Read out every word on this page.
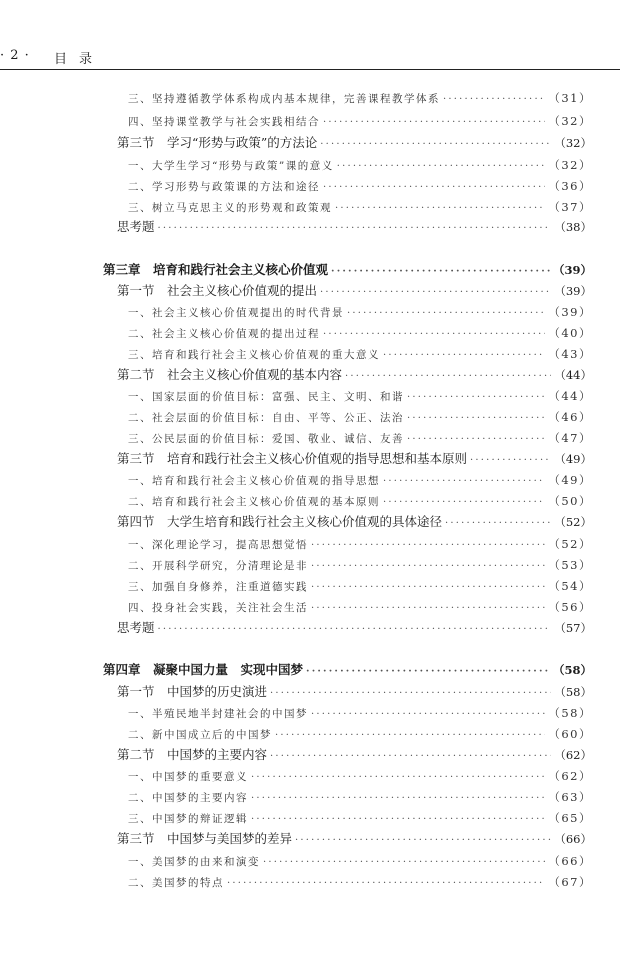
· 2 · 目录
三、坚持遵循教学体系构成内基本规律，完善课程教学体系 ·····	（31）
四、坚持课堂教学与社会实践相结合 ·····	（32）
第三节　学习“形势与政策”的方法论 ·····	（32）
一、大学生学习“形势与政策”课的意义 ·····	（32）
二、学习形势与政策课的方法和途径 ·····	（36）
三、树立马克思主义的形势观和政策观 ·····	（37）
思考题 ·····	（38）
第三章　培育和践行社会主义核心价值观 ·····	（39）
第一节　社会主义核心价值观的提出 ·····	（39）
一、社会主义核心价值观提出的时代背景 ·····	（39）
二、社会主义核心价值观的提出过程 ·····	（40）
三、培育和践行社会主义核心价值观的重大意义 ·····	（43）
第二节　社会主义核心价值观的基本内容 ·····	（44）
一、国家层面的价值目标：富强、民主、文明、和谐 ·····	（44）
二、社会层面的价值目标：自由、平等、公正、法治 ·····	（46）
三、公民层面的价值目标：爱国、敬业、诚信、友善 ·····	（47）
第三节　培育和践行社会主义核心价值观的指导思想和基本原则 ·····	（49）
一、培育和践行社会主义核心价值观的指导思想 ·····	（49）
二、培育和践行社会主义核心价值观的基本原则 ·····	（50）
第四节　大学生培育和践行社会主义核心价值观的具体途径 ·····	（52）
一、深化理论学习，提高思想觉悟 ·····	（52）
二、开展科学研究，分清理论是非 ·····	（53）
三、加强自身修养，注重道德实践 ·····	（54）
四、投身社会实践，关注社会生活 ·····	（56）
思考题 ·····	（57）
第四章　凝聚中国力量　实现中国梦 ·····	（58）
第一节　中国梦的历史演进 ·····	（58）
一、半殖民地半封建社会的中国梦 ·····	（58）
二、新中国成立后的中国梦 ·····	（60）
第二节　中国梦的主要内容 ·····	（62）
一、中国梦的重要意义 ·····	（62）
二、中国梦的主要内容 ·····	（63）
三、中国梦的辩证逻辑 ·····	（65）
第三节　中国梦与美国梦的差异 ·····	（66）
一、美国梦的由来和演变 ·····	（66）
二、美国梦的特点 ·····	（67）
